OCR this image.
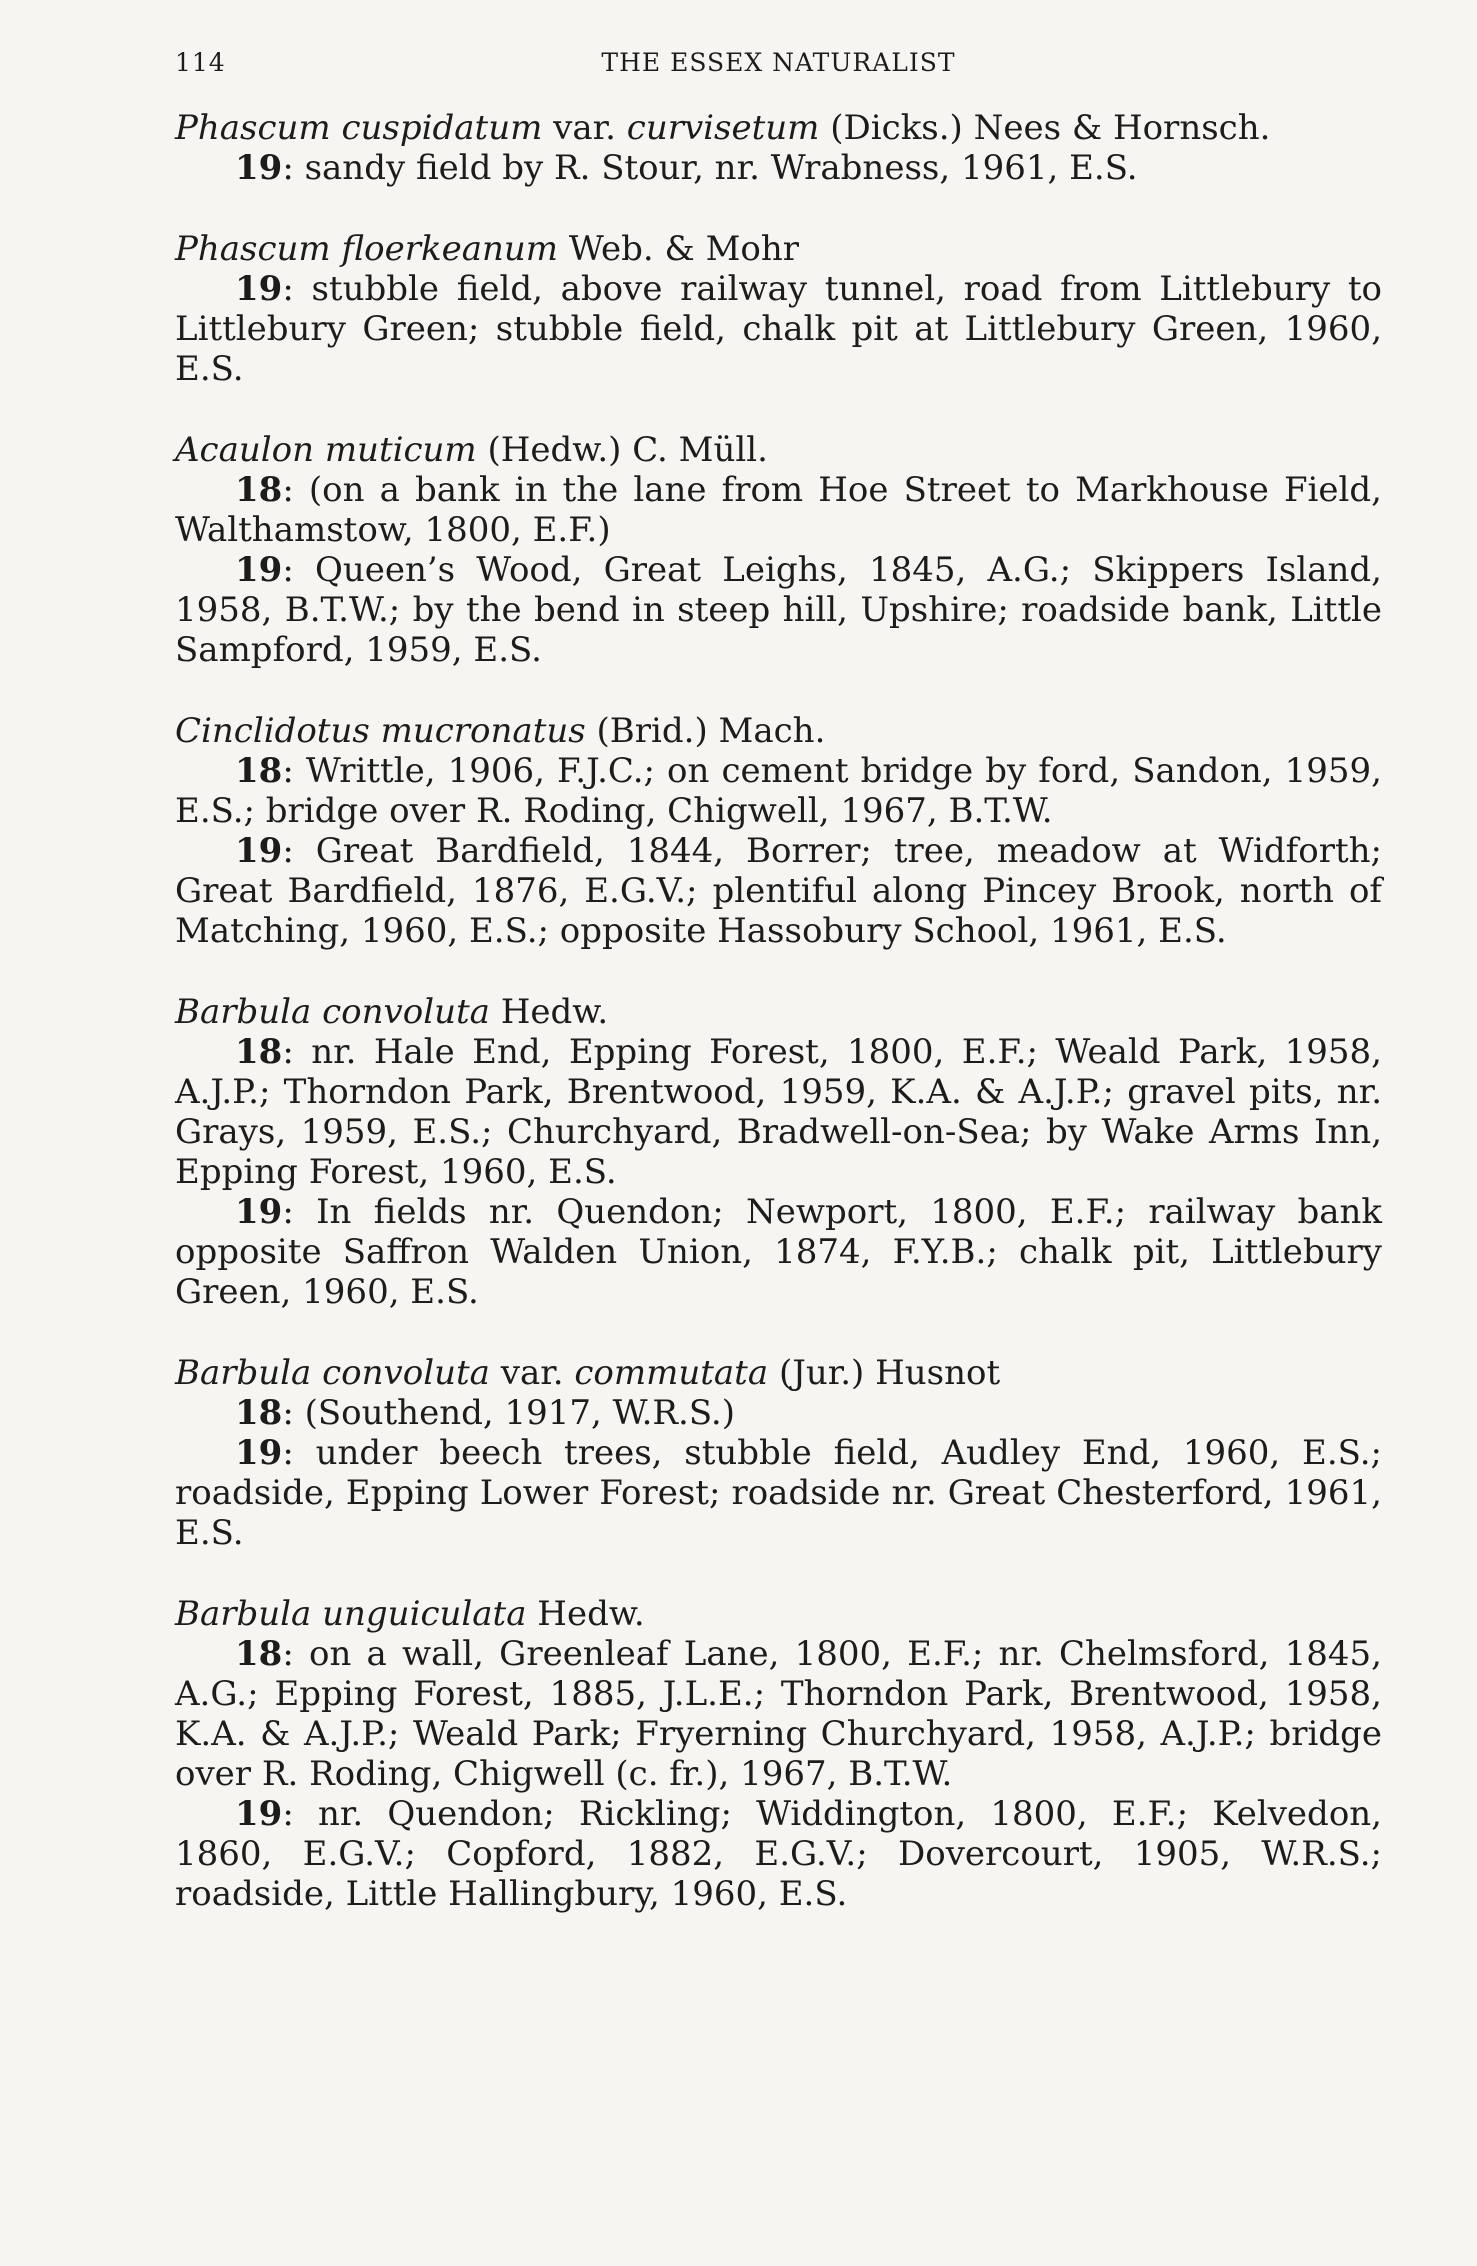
114	THE ESSEX NATURALIST
Phascum cuspidatum var. curvisetum (Dicks.) Nees & Hornsch.
19: sandy field by R. Stour, nr. Wrabness, 1961, E.S.
Phascum floerkeanum Web. & Mohr
19: stubble field, above railway tunnel, road from Littlebury to Littlebury Green; stubble field, chalk pit at Littlebury Green, 1960, E.S.
Acaulon muticum (Hedw.) C. Müll.
18: (on a bank in the lane from Hoe Street to Markhouse Field, Walthamstow, 1800, E.F.)
19: Queen’s Wood, Great Leighs, 1845, A.G.; Skippers Island, 1958, B.T.W.; by the bend in steep hill, Upshire; roadside bank, Little Sampford, 1959, E.S.
Cinclidotus mucronatus (Brid.) Mach.
18: Writtle, 1906, F.J.C.; on cement bridge by ford, Sandon, 1959, E.S.; bridge over R. Roding, Chigwell, 1967, B.T.W.
19: Great Bardfield, 1844, Borrer; tree, meadow at Widforth; Great Bardfield, 1876, E.G.V.; plentiful along Pincey Brook, north of Matching, 1960, E.S.; opposite Hassobury School, 1961, E.S.
Barbula convoluta Hedw.
18: nr. Hale End, Epping Forest, 1800, E.F.; Weald Park, 1958, A.J.P.; Thorndon Park, Brentwood, 1959, K.A. & A.J.P.; gravel pits, nr. Grays, 1959, E.S.; Churchyard, Bradwell-on-Sea; by Wake Arms Inn, Epping Forest, 1960, E.S.
19: In fields nr. Quendon; Newport, 1800, E.F.; railway bank opposite Saffron Walden Union, 1874, F.Y.B.; chalk pit, Littlebury Green, 1960, E.S.
Barbula convoluta var. commutata (Jur.) Husnot
18: (Southend, 1917, W.R.S.)
19: under beech trees, stubble field, Audley End, 1960, E.S.; roadside, Epping Lower Forest; roadside nr. Great Chesterford, 1961, E.S.
Barbula unguiculata Hedw.
18: on a wall, Greenleaf Lane, 1800, E.F.; nr. Chelmsford, 1845, A.G.; Epping Forest, 1885, J.L.E.; Thorndon Park, Brentwood, 1958, K.A. & A.J.P.; Weald Park; Fryerning Churchyard, 1958, A.J.P.; bridge over R. Roding, Chigwell (c. fr.), 1967, B.T.W.
19: nr. Quendon; Rickling; Widdington, 1800, E.F.; Kelvedon, 1860, E.G.V.; Copford, 1882, E.G.V.; Dovercourt, 1905, W.R.S.; roadside, Little Hallingbury, 1960, E.S.
